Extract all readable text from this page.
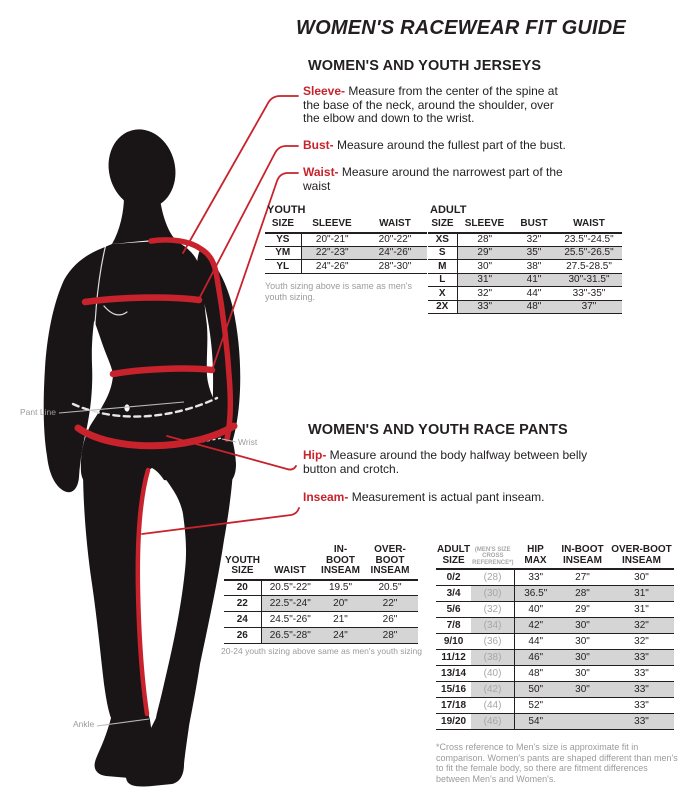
WOMEN'S RACEWEAR FIT GUIDE
WOMEN'S AND YOUTH JERSEYS
Sleeve- Measure from the center of the spine at the base of the neck, around the shoulder, over the elbow and down to the wrist.
Bust- Measure around the fullest part of the bust.
Waist- Measure around the narrowest part of the waist
YOUTH
SIZE	SLEEVE	WAIST

YS	20"-21"	20"-22"
YM	22"-23"	24"-26"
YL	24"-26"	28"-30"
ADULT
SIZE	SLEEVE	BUST	WAIST

XS	28"	32"	23.5"-24.5"
S	29"	35"	25.5"-26.5"
M	30"	38"	27.5-28.5"
L	31"	41"	30"-31.5"
X	32"	44"	33"-35"
2X	33"	48"	37"
Youth sizing above is same as men's youth sizing.
WOMEN'S AND YOUTH RACE PANTS
Hip- Measure around the body halfway between belly button and crotch.
Inseam- Measurement is actual pant inseam.
YOUTH
SIZE	WAIST

IN-BOOT
INSEAM

OVER-BOOT
INSEAM

20	20.5"-22"	19.5"	20.5"
22	22.5"-24"	20"	22"
24	24.5"-26"	21"	26"
26	26.5"-28"	24"	28"
ADULT
SIZE

(MEN'S SIZE CROSS REFERENCE*)

HIP
MAX

IN-BOOT
INSEAM

OVER-BOOT
INSEAM

0/2	(28)	33"	27"	30"
3/4	(30)	36.5"	28"	31"
5/6	(32)	40"	29"	31"
7/8	(34)	42"	30"	32"
9/10	(36)	44"	30"	32"
11/12	(38)	46"	30"	33"
13/14	(40)	48"	30"	33"
15/16	(42)	50"	30"	33"
17/18	(44)	52"		33"
19/20	(46)	54"		33"
20-24 youth sizing above same as men's youth sizing
*Cross reference to Men's size is approximate fit in comparison. Women's pants are shaped different than men's to fit the female body, so there are fitment differences between Men's and Women's.
Pant Line
Wrist
Ankle
